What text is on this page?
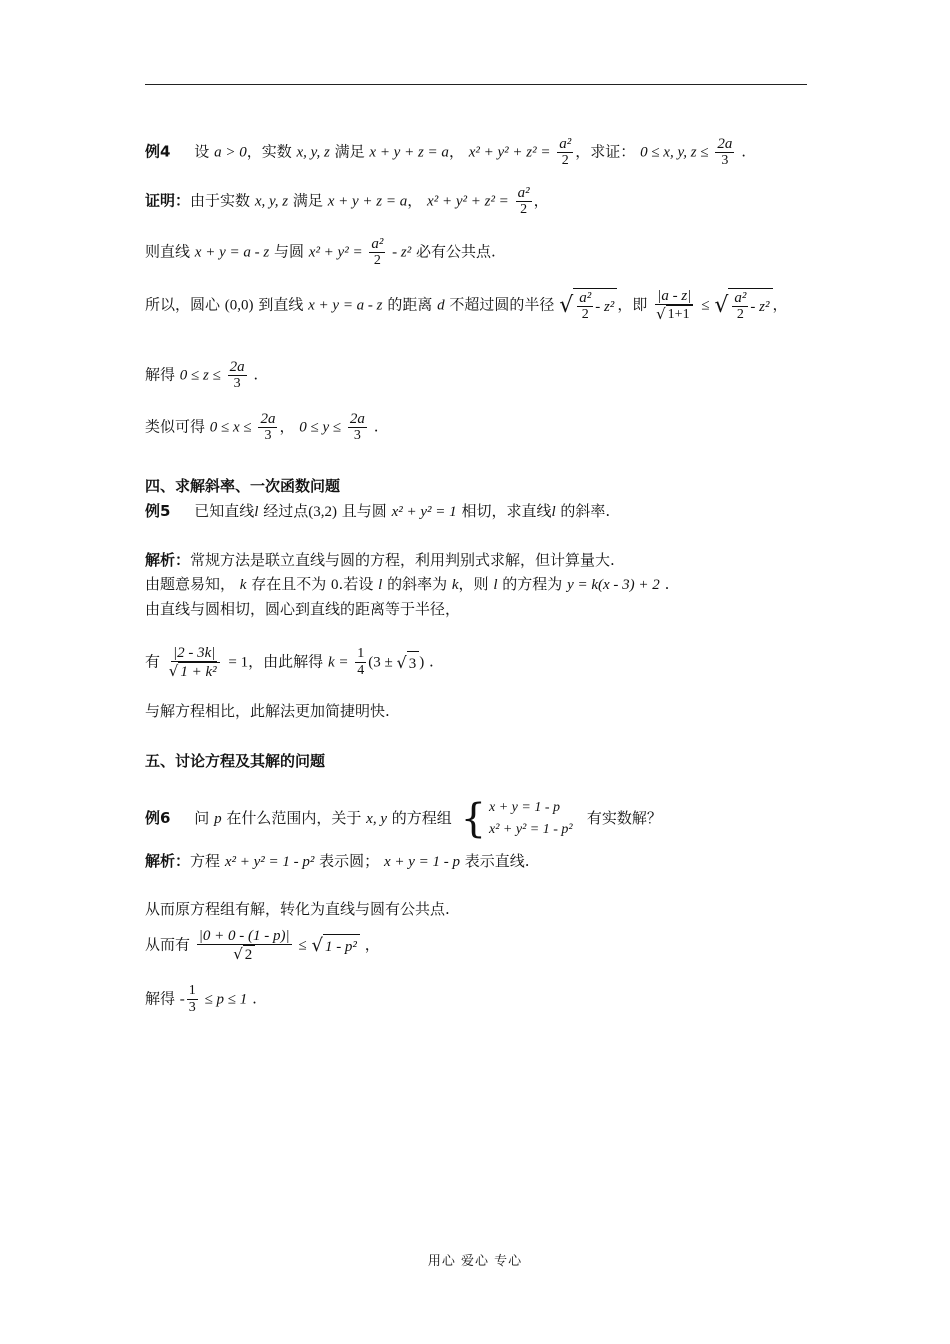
例4 设 a > 0，实数 x, y, z 满足 x + y + z = a， $x^2 + y^2 + z^2 = \frac{\text{a²}}{2}$ ，求证： 0 ≤ x, y, $z \le \frac{2a}{3}$ .
证明：由于实数 x, y, z 满足 x + y + z = a， $x^2 + y^2 + z^2 = \frac{\text{a²}}{2}$ ，
则直线 x + y = a - z 与圆 $x^2 + y^2 = \frac{\text{a²}}{2} - z^2$ 必有公共点.
所以，圆心 (0,0) 到直线 x + y = a - z 的距离 d 不超过圆的半径 √ $\frac{\text{a²}}{2} - z^2$ ，即 $\frac{|a - z|}{√ 1+1}$ ≤ √ $\frac{\text{a²}}{2} - z^2$ ，
解得 $0 \le z \le \frac{2a}{3}$ .
类似可得 $0 \le x \le \frac{2a}{3}$ ， $0 \le y \le \frac{2a}{3}$ .
四、求解斜率、一次函数问题
例5 已知直线l 经过点(3,2) 且与圆 x² + y² = 1 相切，求直线l 的斜率.
解析：常规方法是联立直线与圆的方程，利用判别式求解，但计算量大.
由题意易知， k 存在且不为 0.若设 l 的斜率为 k，则 l 的方程为 y = k(x - 3) + 2 .
由直线与圆相切，圆心到直线的距离等于半径，
有 $\frac{|2 - 3k|}{\text{√ 1 + k²}} = 1$，由此解得 $k = \frac{1}{4} (3$ ± √ 3 ) .
与解方程相比，此解法更加简捷明快.
五、讨论方程及其解的问题
例6 问 p 在什么范围内，关于 x, y 的方程组 { x + y = 1 - p
x² + y² = 1 - p²
有实数解？
解析：方程 x² + y² = 1 - p² 表示圆； x + y = 1 - p 表示直线.
从而原方程组有解，转化为直线与圆有公共点.
从而有 $\frac{|0 + 0 - (1 - p)|}{√ 2}$ ≤ √ 1 - p² ，
解得 - $\frac{1}{3} \le p \le 1$ .
用心 爱心 专心
